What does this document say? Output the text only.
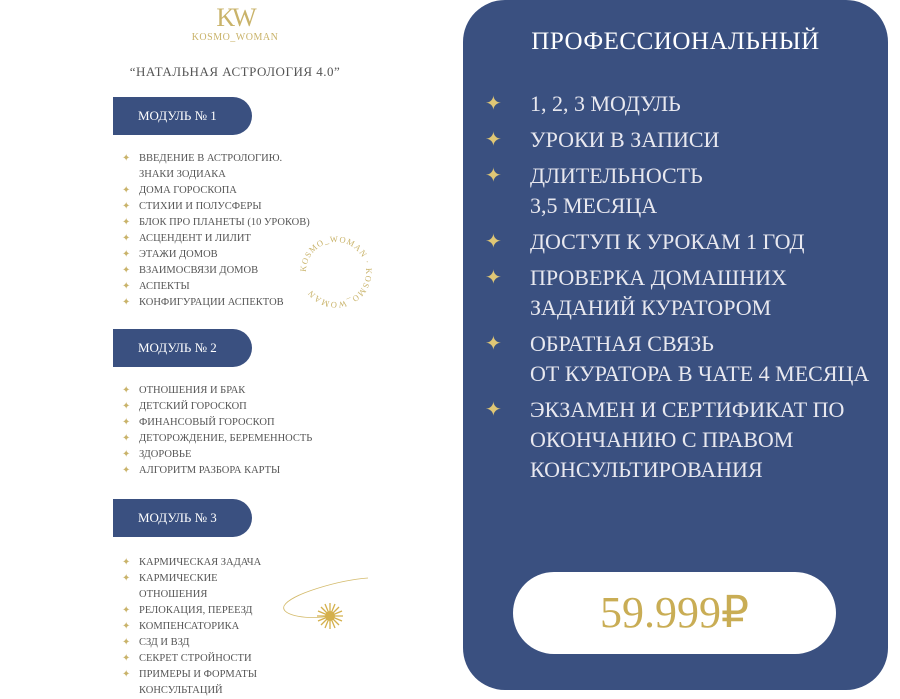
KW
KOSMO_WOMAN
“НАТАЛЬНАЯ АСТРОЛОГИЯ 4.0”
МОДУЛЬ № 1
✦ ВВЕДЕНИЕ В АСТРОЛОГИЮ. ЗНАКИ ЗОДИАКА
✦ ДОМА ГОРОСКОПА
✦ СТИХИИ И ПОЛУСФЕРЫ
✦ БЛОК ПРО ПЛАНЕТЫ (10 УРОКОВ)
✦ АСЦЕНДЕНТ И ЛИЛИТ
✦ ЭТАЖИ ДОМОВ
✦ ВЗАИМОСВЯЗИ ДОМОВ
✦ АСПЕКТЫ
✦ КОНФИГУРАЦИИ АСПЕКТОВ
МОДУЛЬ № 2
✦ ОТНОШЕНИЯ И БРАК
✦ ДЕТСКИЙ ГОРОСКОП
✦ ФИНАНСОВЫЙ ГОРОСКОП
✦ ДЕТОРОЖДЕНИЕ, БЕРЕМЕННОСТЬ
✦ ЗДОРОВЬЕ
✦ АЛГОРИТМ РАЗБОРА КАРТЫ
МОДУЛЬ № 3
✦ КАРМИЧЕСКАЯ ЗАДАЧА
✦ КАРМИЧЕСКИЕ ОТНОШЕНИЯ
✦ РЕЛОКАЦИЯ, ПЕРЕЕЗД
✦ КОМПЕНСАТОРИКА
✦ СЗД И ВЗД
✦ СЕКРЕТ СТРОЙНОСТИ
✦ ПРИМЕРЫ И ФОРМАТЫ КОНСУЛЬТАЦИЙ
KOSMO_WOMAN · KOSMO_WOMAN
ПРОФЕССИОНАЛЬНЫЙ
✦ 1, 2, 3 МОДУЛЬ
✦ УРОКИ В ЗАПИСИ
✦ ДЛИТЕЛЬНОСТЬ
3,5 МЕСЯЦА
✦ ДОСТУП К УРОКАМ 1 ГОД
✦ ПРОВЕРКА ДОМАШНИХ ЗАДАНИЙ КУРАТОРОМ
✦ ОБРАТНАЯ СВЯЗЬ
ОТ КУРАТОРА В ЧАТЕ 4 МЕСЯЦА
✦ ЭКЗАМЕН И СЕРТИФИКАТ ПО ОКОНЧАНИЮ С ПРАВОМ КОНСУЛЬТИРОВАНИЯ
59.999₽
